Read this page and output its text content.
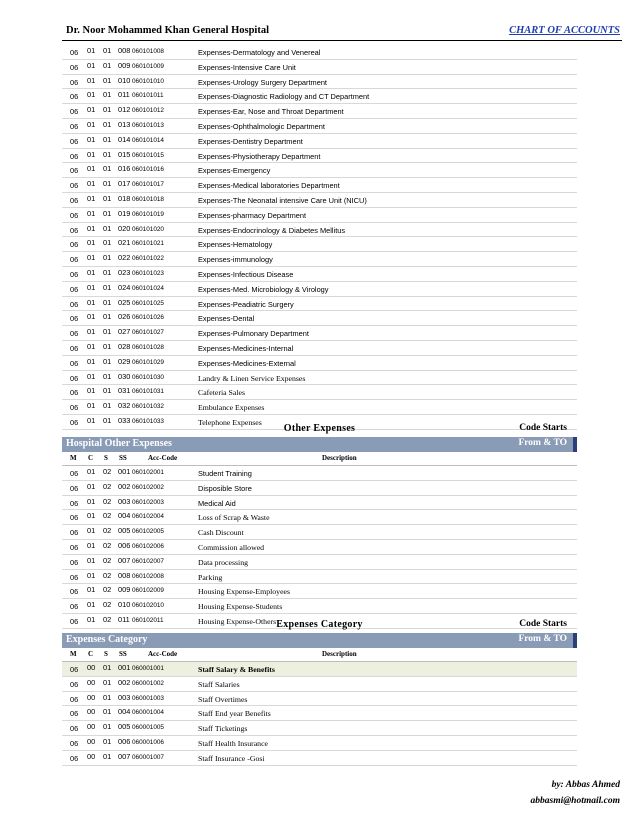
Dr. Noor Mohammed Khan General Hospital	CHART OF ACCOUNTS
06 01 01 008 060101008	Expenses-Dermatology and Venereal
06 01 01 009 060101009	Expenses-Intensive Care Unit
06 01 01 010 060101010	Expenses-Urology Surgery Department
06 01 01 011 060101011	Expenses-Diagnostic Radiology and CT Department
06 01 01 012 060101012	Expenses-Ear, Nose and Throat Department
06 01 01 013 060101013	Expenses-Ophthalmologic Department
06 01 01 014 060101014	Expenses-Dentistry Department
06 01 01 015 060101015	Expenses-Physiotherapy Department
06 01 01 016 060101016	Expenses-Emergency
06 01 01 017 060101017	Expenses-Medical laboratories Department
06 01 01 018 060101018	Expenses-The Neonatal intensive Care Unit (NICU)
06 01 01 019 060101019	Expenses-pharmacy Department
06 01 01 020 060101020	Expenses-Endocrinology & Diabetes Mellitus
06 01 01 021 060101021	Expenses-Hematology
06 01 01 022 060101022	Expenses-immunology
06 01 01 023 060101023	Expenses-Infectious Disease
06 01 01 024 060101024	Expenses-Med. Microbiology & Virology
06 01 01 025 060101025	Expenses-Peadiatric Surgery
06 01 01 026 060101026	Expenses-Dental
06 01 01 027 060101027	Expenses-Pulmonary Department
06 01 01 028 060101028	Expenses-Medicines-Internal
06 01 01 029 060101029	Expenses-Medicines-External
06 01 01 030 060101030	Landry & Linen Service Expenses
06 01 01 031 060101031	Cafeteria Sales
06 01 01 032 060101032	Embulance Expenses
06 01 01 033 060101033	Telephone Expenses
Other Expenses	Code Starts
Hospital Other Expenses	From & TO
M C S SS	Acc-Code	Description
06 01 02 001 060102001	Student Training
06 01 02 002 060102002	Disposible Store
06 01 02 003 060102003	Medical Aid
06 01 02 004 060102004	Loss of Scrap & Waste
06 01 02 005 060102005	Cash Discount
06 01 02 006 060102006	Commission allowed
06 01 02 007 060102007	Data processing
06 01 02 008 060102008	Parking
06 01 02 009 060102009	Housing Expense-Employees
06 01 02 010 060102010	Housing Expense-Students
06 01 02 011 060102011	Housing Expense-Others Expenses Category	Code Starts
Expenses Category	From & TO
M C S SS	Acc-Code	Description
06 00 01 001 060001001	Staff Salary & Benefits
06 00 01 002 060001002	Staff Salaries
06 00 01 003 060001003	Staff Overtimes
06 00 01 004 060001004	Staff End year Benefits
06 00 01 005 060001005	Staff Ticketings
06 00 01 006 060001006	Staff Health Insurance
06 00 01 007 060001007	Staff Insurance -Gosi
by: Abbas Ahmed
abbasmi@hotmail.com
